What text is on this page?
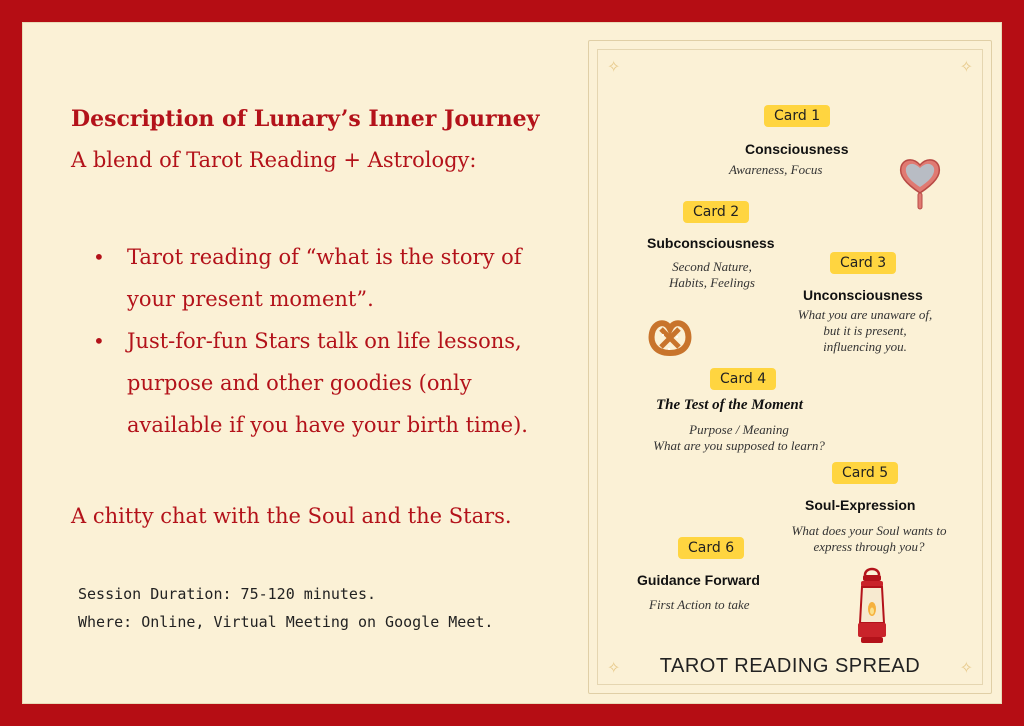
Description of Lunary’s Inner Journey
A blend of Tarot Reading + Astrology:
• Tarot reading of “what is the story of your present moment”.
• Just-for-fun Stars talk on life lessons, purpose and other goodies (only available if you have your birth time).
A chitty chat with the Soul and the Stars.
Session Duration: 75-120 minutes.
Where: Online, Virtual Meeting on Google Meet.
✧	✧
✧	✧
Card 1
Consciousness
Awareness, Focus
Card 2
Subconsciousness
Second Nature,
Habits, Feelings
Card 3
Unconsciousness
What you are unaware of,
but it is present,
influencing you.
Card 4
The Test of the Moment
Purpose / Meaning
What are you supposed to learn?
Card 5
Soul-Expression
What does your Soul wants to
express through you?
Card 6
Guidance Forward
First Action to take
TAROT READING SPREAD
